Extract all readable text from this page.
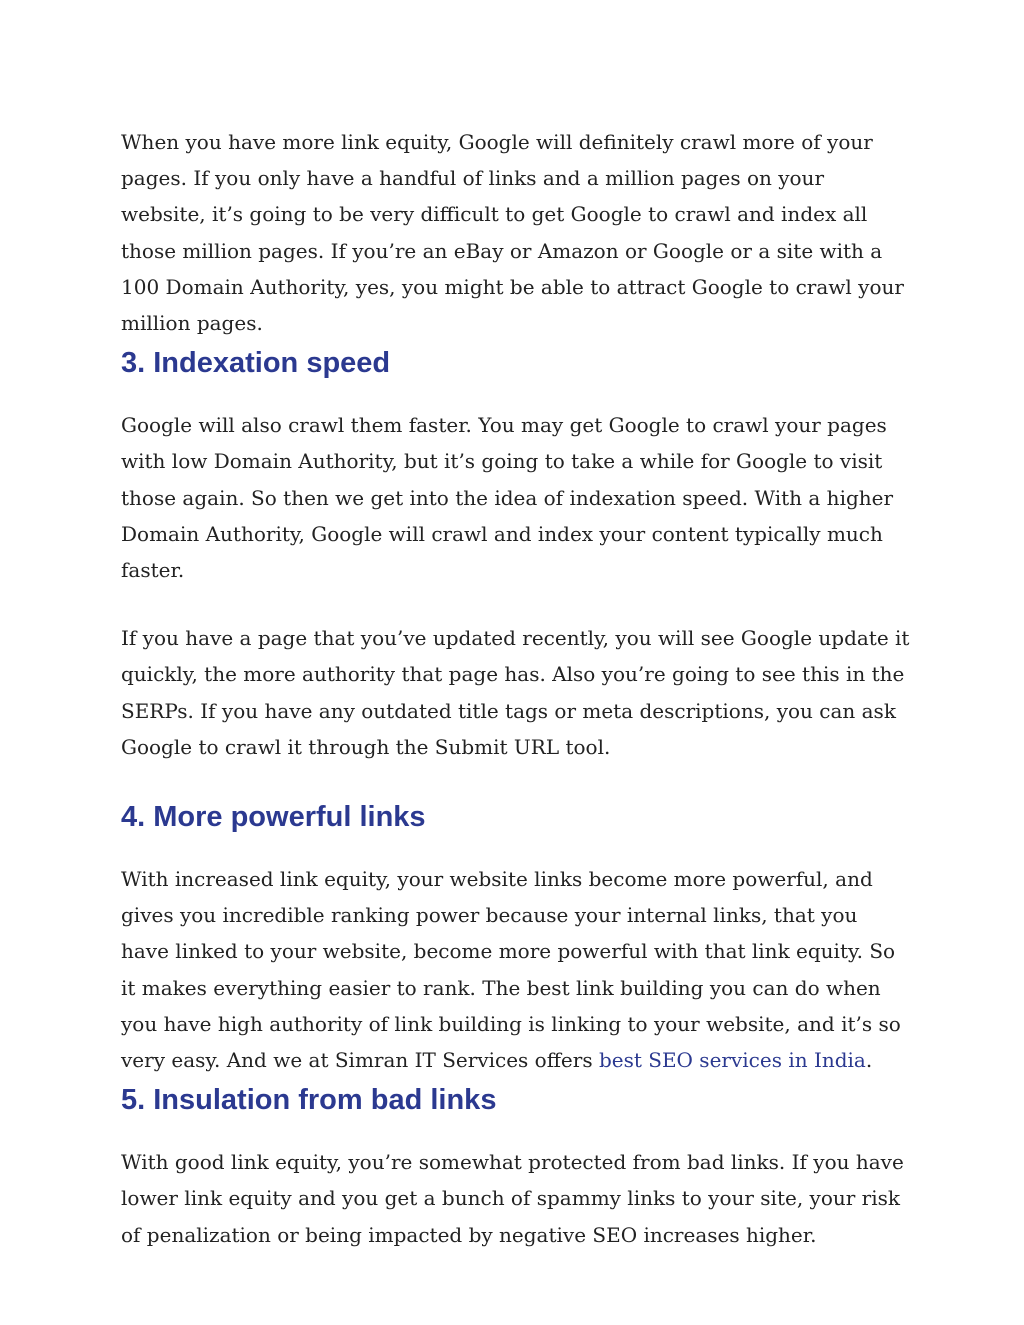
When you have more link equity, Google will definitely crawl more of your pages. If you only have a handful of links and a million pages on your website, it’s going to be very difficult to get Google to crawl and index all those million pages. If you’re an eBay or Amazon or Google or a site with a 100 Domain Authority, yes, you might be able to attract Google to crawl your million pages.

3. Indexation speed

Google will also crawl them faster. You may get Google to crawl your pages with low Domain Authority, but it’s going to take a while for Google to visit those again. So then we get into the idea of indexation speed. With a higher Domain Authority, Google will crawl and index your content typically much faster.

If you have a page that you’ve updated recently, you will see Google update it quickly, the more authority that page has. Also you’re going to see this in the SERPs. If you have any outdated title tags or meta descriptions, you can ask Google to crawl it through the Submit URL tool.

4. More powerful links

With increased link equity, your website links become more powerful, and gives you incredible ranking power because your internal links, that you have linked to your website, become more powerful with that link equity. So it makes everything easier to rank. The best link building you can do when you have high authority of link building is linking to your website, and it’s so very easy. And we at Simran IT Services offers best SEO services in India.

5. Insulation from bad links

With good link equity, you’re somewhat protected from bad links. If you have lower link equity and you get a bunch of spammy links to your site, your risk of penalization or being impacted by negative SEO increases higher.
